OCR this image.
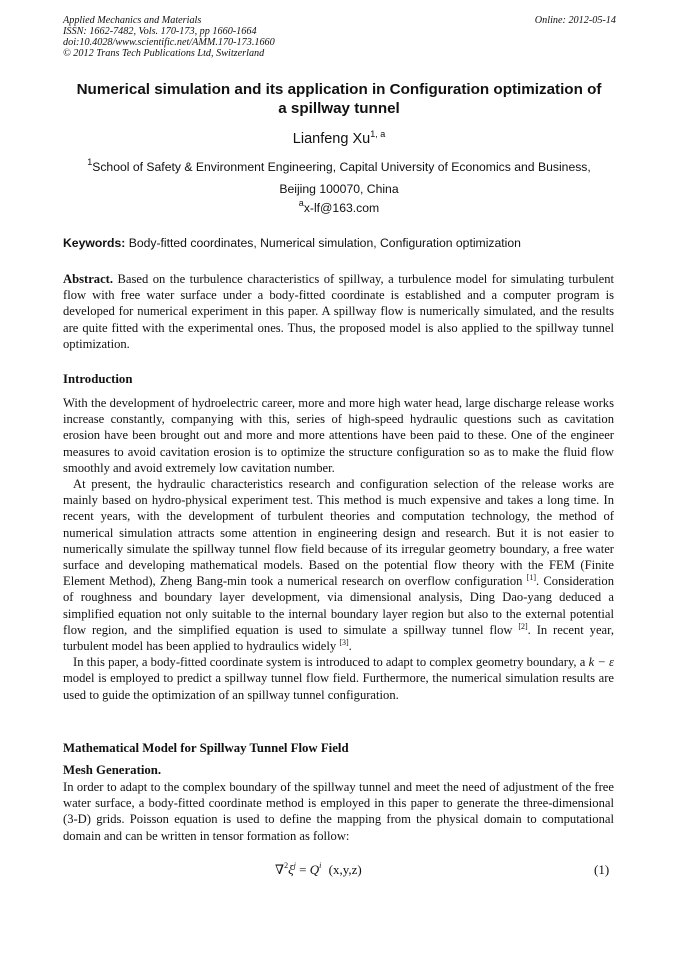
Applied Mechanics and Materials
ISSN: 1662-7482, Vols. 170-173, pp 1660-1664
doi:10.4028/www.scientific.net/AMM.170-173.1660
© 2012 Trans Tech Publications Ltd, Switzerland
Online: 2012-05-14
Numerical simulation and its application in Configuration optimization of
a spillway tunnel
Lianfeng Xu$^{1, a}$
$^1$School of Safety & Environment Engineering, Capital University of Economics and Business,
Beijing 100070, China
$^a$x-lf@163.com
Keywords: Body-fitted coordinates, Numerical simulation, Configuration optimization

Abstract. Based on the turbulence characteristics of spillway, a turbulence model for simulating turbulent flow with free water surface under a body-fitted coordinate is established and a computer program is developed for numerical experiment in this paper. A spillway flow is numerically simulated, and the results are quite fitted with the experimental ones. Thus, the proposed model is also applied to the spillway tunnel optimization.

Introduction

With the development of hydroelectric career, more and more high water head, large discharge release works increase constantly, companying with this, series of high-speed hydraulic questions such as cavitation erosion have been brought out and more and more attentions have been paid to these. One of the engineer measures to avoid cavitation erosion is to optimize the structure configuration so as to make the fluid flow smoothly and avoid extremely low cavitation number.

At present, the hydraulic characteristics research and configuration selection of the release works are mainly based on hydro-physical experiment test. This method is much expensive and takes a long time. In recent years, with the development of turbulent theories and computation technology, the method of numerical simulation attracts some attention in engineering design and research. But it is not easier to numerically simulate the spillway tunnel flow field because of its irregular geometry boundary, a free water surface and developing mathematical models. Based on the potential flow theory with the FEM (Finite Element Method), Zheng Bang-min took a numerical research on overflow configuration [1]. Consideration of roughness and boundary layer development, via dimensional analysis, Ding Dao-yang deduced a simplified equation not only suitable to the internal boundary layer region but also to the external potential flow region, and the simplified equation is used to simulate a spillway tunnel flow [2]. In recent year, turbulent model has been applied to hydraulics widely [3].

In this paper, a body-fitted coordinate system is introduced to adapt to complex geometry boundary, a k − ε model is employed to predict a spillway tunnel flow field. Furthermore, the numerical simulation results are used to guide the optimization of an spillway tunnel configuration.

Mathematical Model for Spillway Tunnel Flow Field
Mesh Generation.

In order to adapt to the complex boundary of the spillway tunnel and meet the need of adjustment of the free water surface, a body-fitted coordinate method is employed in this paper to generate the three-dimensional (3-D) grids. Poisson equation is used to define the mapping from the physical domain to computational domain and can be written in tensor formation as follow:

$\nabla^2\xi^j = Q^i$ (x,y,z)	(1)
